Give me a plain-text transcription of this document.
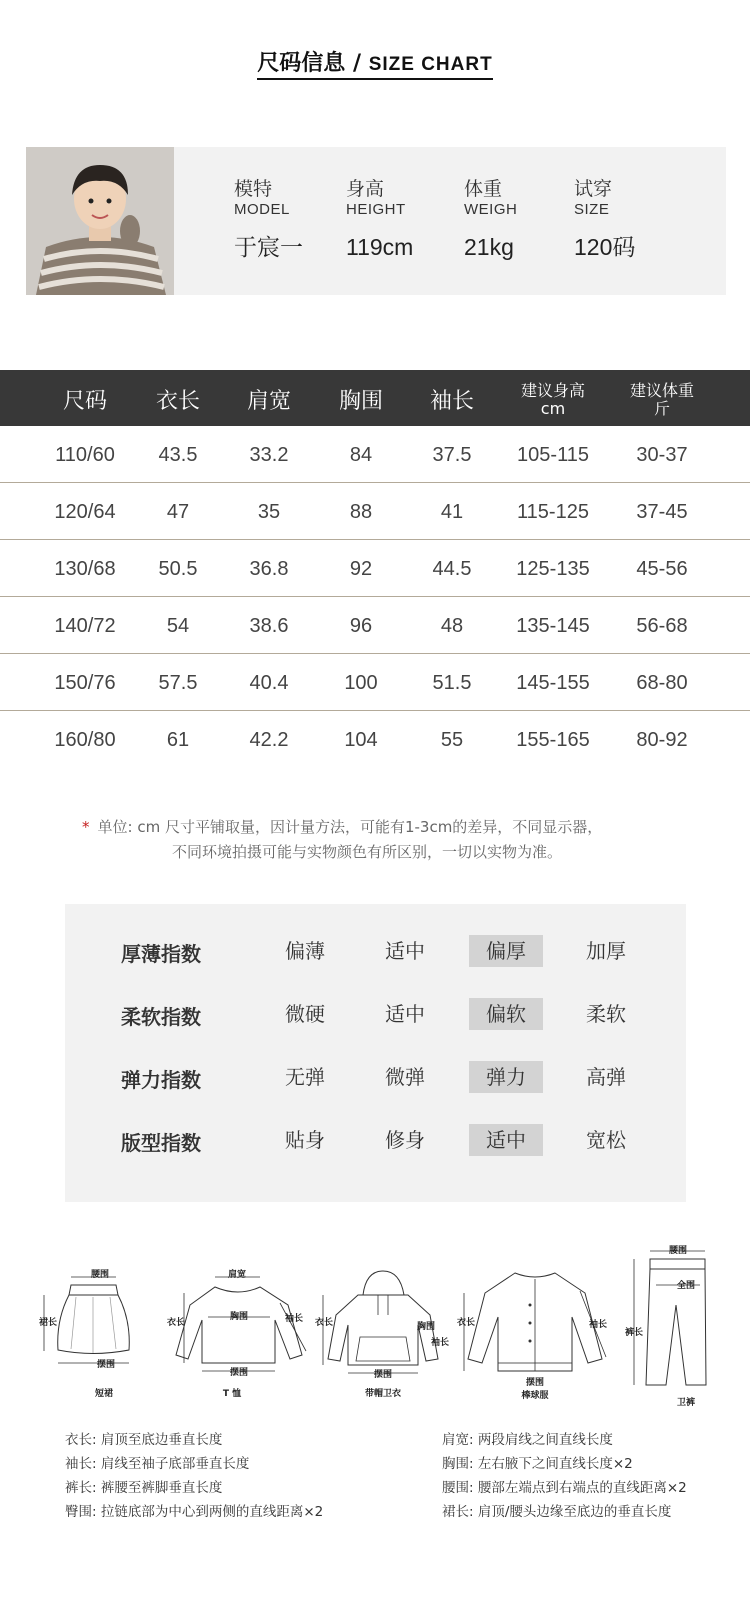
尺码信息 / SIZE CHART
模特
MODEL
于宸一
身高
HEIGHT
119cm
体重
WEIGH
21kg
试穿
SIZE
120码
尺码 衣长 肩宽 胸围 袖长	建议身高
cm
建议体重
斤
110/60 43.5	33.2	84	37.5 105-115 30-37
120/64	47	35	88	41	115-125 37-45
130/68 50.5	36.8	92	44.5 125-135 45-56
140/72	54	38.6	96	48	135-145 56-68
150/76 57.5	40.4	100	51.5 145-155 68-80
160/80	61	42.2	104	55	155-165 80-92
* 单位: cm 尺寸平铺取量，因计量方法，可能有1-3cm的差异，不同显示器，
不同环境拍摄可能与实物颜色有所区别，一切以实物为准。
厚薄指数	偏薄	适中	偏厚	加厚
柔软指数	微硬	适中	偏软	柔软
弹力指数	无弹	微弹	弹力	高弹
版型指数	贴身	修身	适中	宽松
腰围
裙长
摆围
短裙
肩宽
衣长
胸围	袖长
摆围
T 恤
衣长	胸围
袖长
摆围
带帽卫衣
衣长	袖长
摆围
棒球服
腰围
全围
裤长
卫裤
衣长: 肩顶至底边垂直长度
袖长: 肩线至袖子底部垂直长度
裤长: 裤腰至裤脚垂直长度
臀围: 拉链底部为中心到两侧的直线距离×2
肩宽: 两段肩线之间直线长度
胸围: 左右腋下之间直线长度×2
腰围: 腰部左端点到右端点的直线距离×2
裙长: 肩顶/腰头边缘至底边的垂直长度
